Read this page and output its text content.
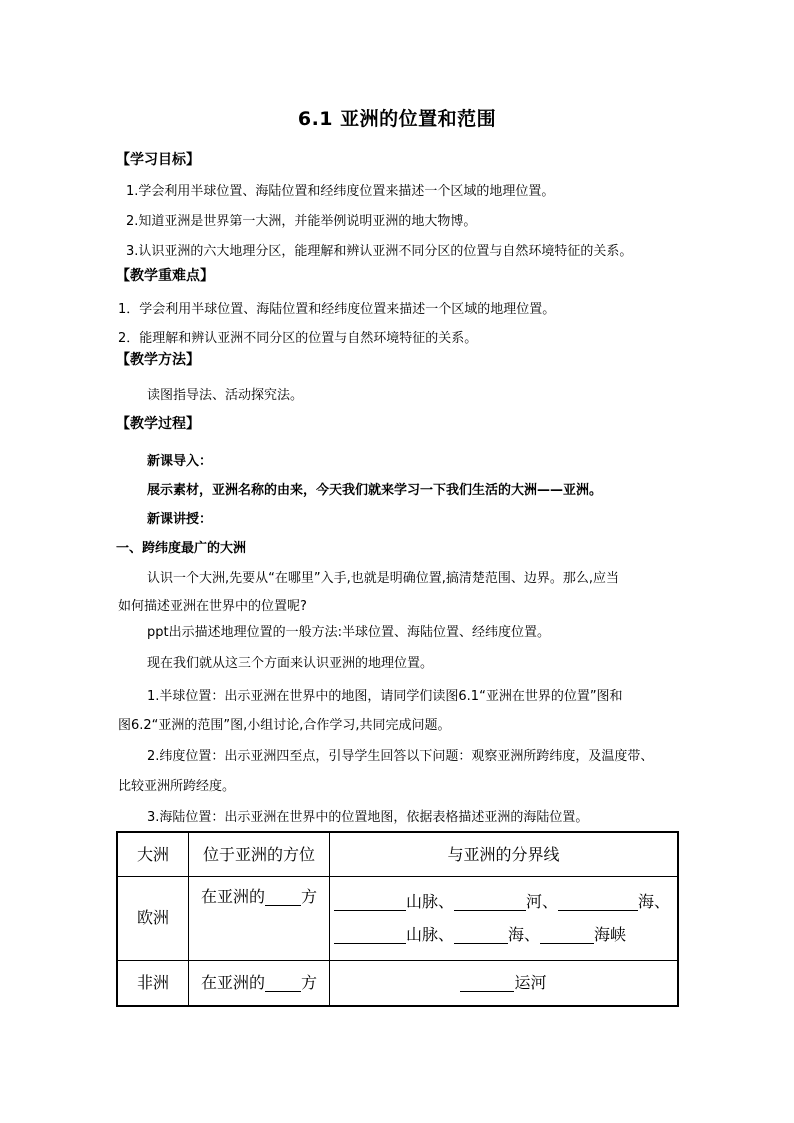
6.1 亚洲的位置和范围
【学习目标】
1.学会利用半球位置、海陆位置和经纬度位置来描述一个区域的地理位置。
2.知道亚洲是世界第一大洲，并能举例说明亚洲的地大物博。
3.认识亚洲的六大地理分区，能理解和辨认亚洲不同分区的位置与自然环境特征的关系。
【教学重难点】
1．学会利用半球位置、海陆位置和经纬度位置来描述一个区域的地理位置。
2．能理解和辨认亚洲不同分区的位置与自然环境特征的关系。
【教学方法】
读图指导法、活动探究法。
【教学过程】
新课导入：
展示素材，亚洲名称的由来，今天我们就来学习一下我们生活的大洲——亚洲。
新课讲授：
一、跨纬度最广的大洲
认识一个大洲,先要从“在哪里”入手,也就是明确位置,搞清楚范围、边界。那么,应当
如何描述亚洲在世界中的位置呢?
ppt出示描述地理位置的一般方法:半球位置、海陆位置、经纬度位置。
现在我们就从这三个方面来认识亚洲的地理位置。
1.半球位置：出示亚洲在世界中的地图，请同学们读图6.1“亚洲在世界的位置”图和
图6.2“亚洲的范围”图,小组讨论,合作学习,共同完成问题。
2.纬度位置：出示亚洲四至点，引导学生回答以下问题：观察亚洲所跨纬度，及温度带、
比较亚洲所跨经度。
3.海陆位置：出示亚洲在世界中的位置地图，依据表格描述亚洲的海陆位置。
大洲	位于亚洲的方位	与亚洲的分界线
欧洲	在亚洲的 方	山脉、 河、 海、
山脉、 海、 海峡

非洲	在亚洲的 方	运河
